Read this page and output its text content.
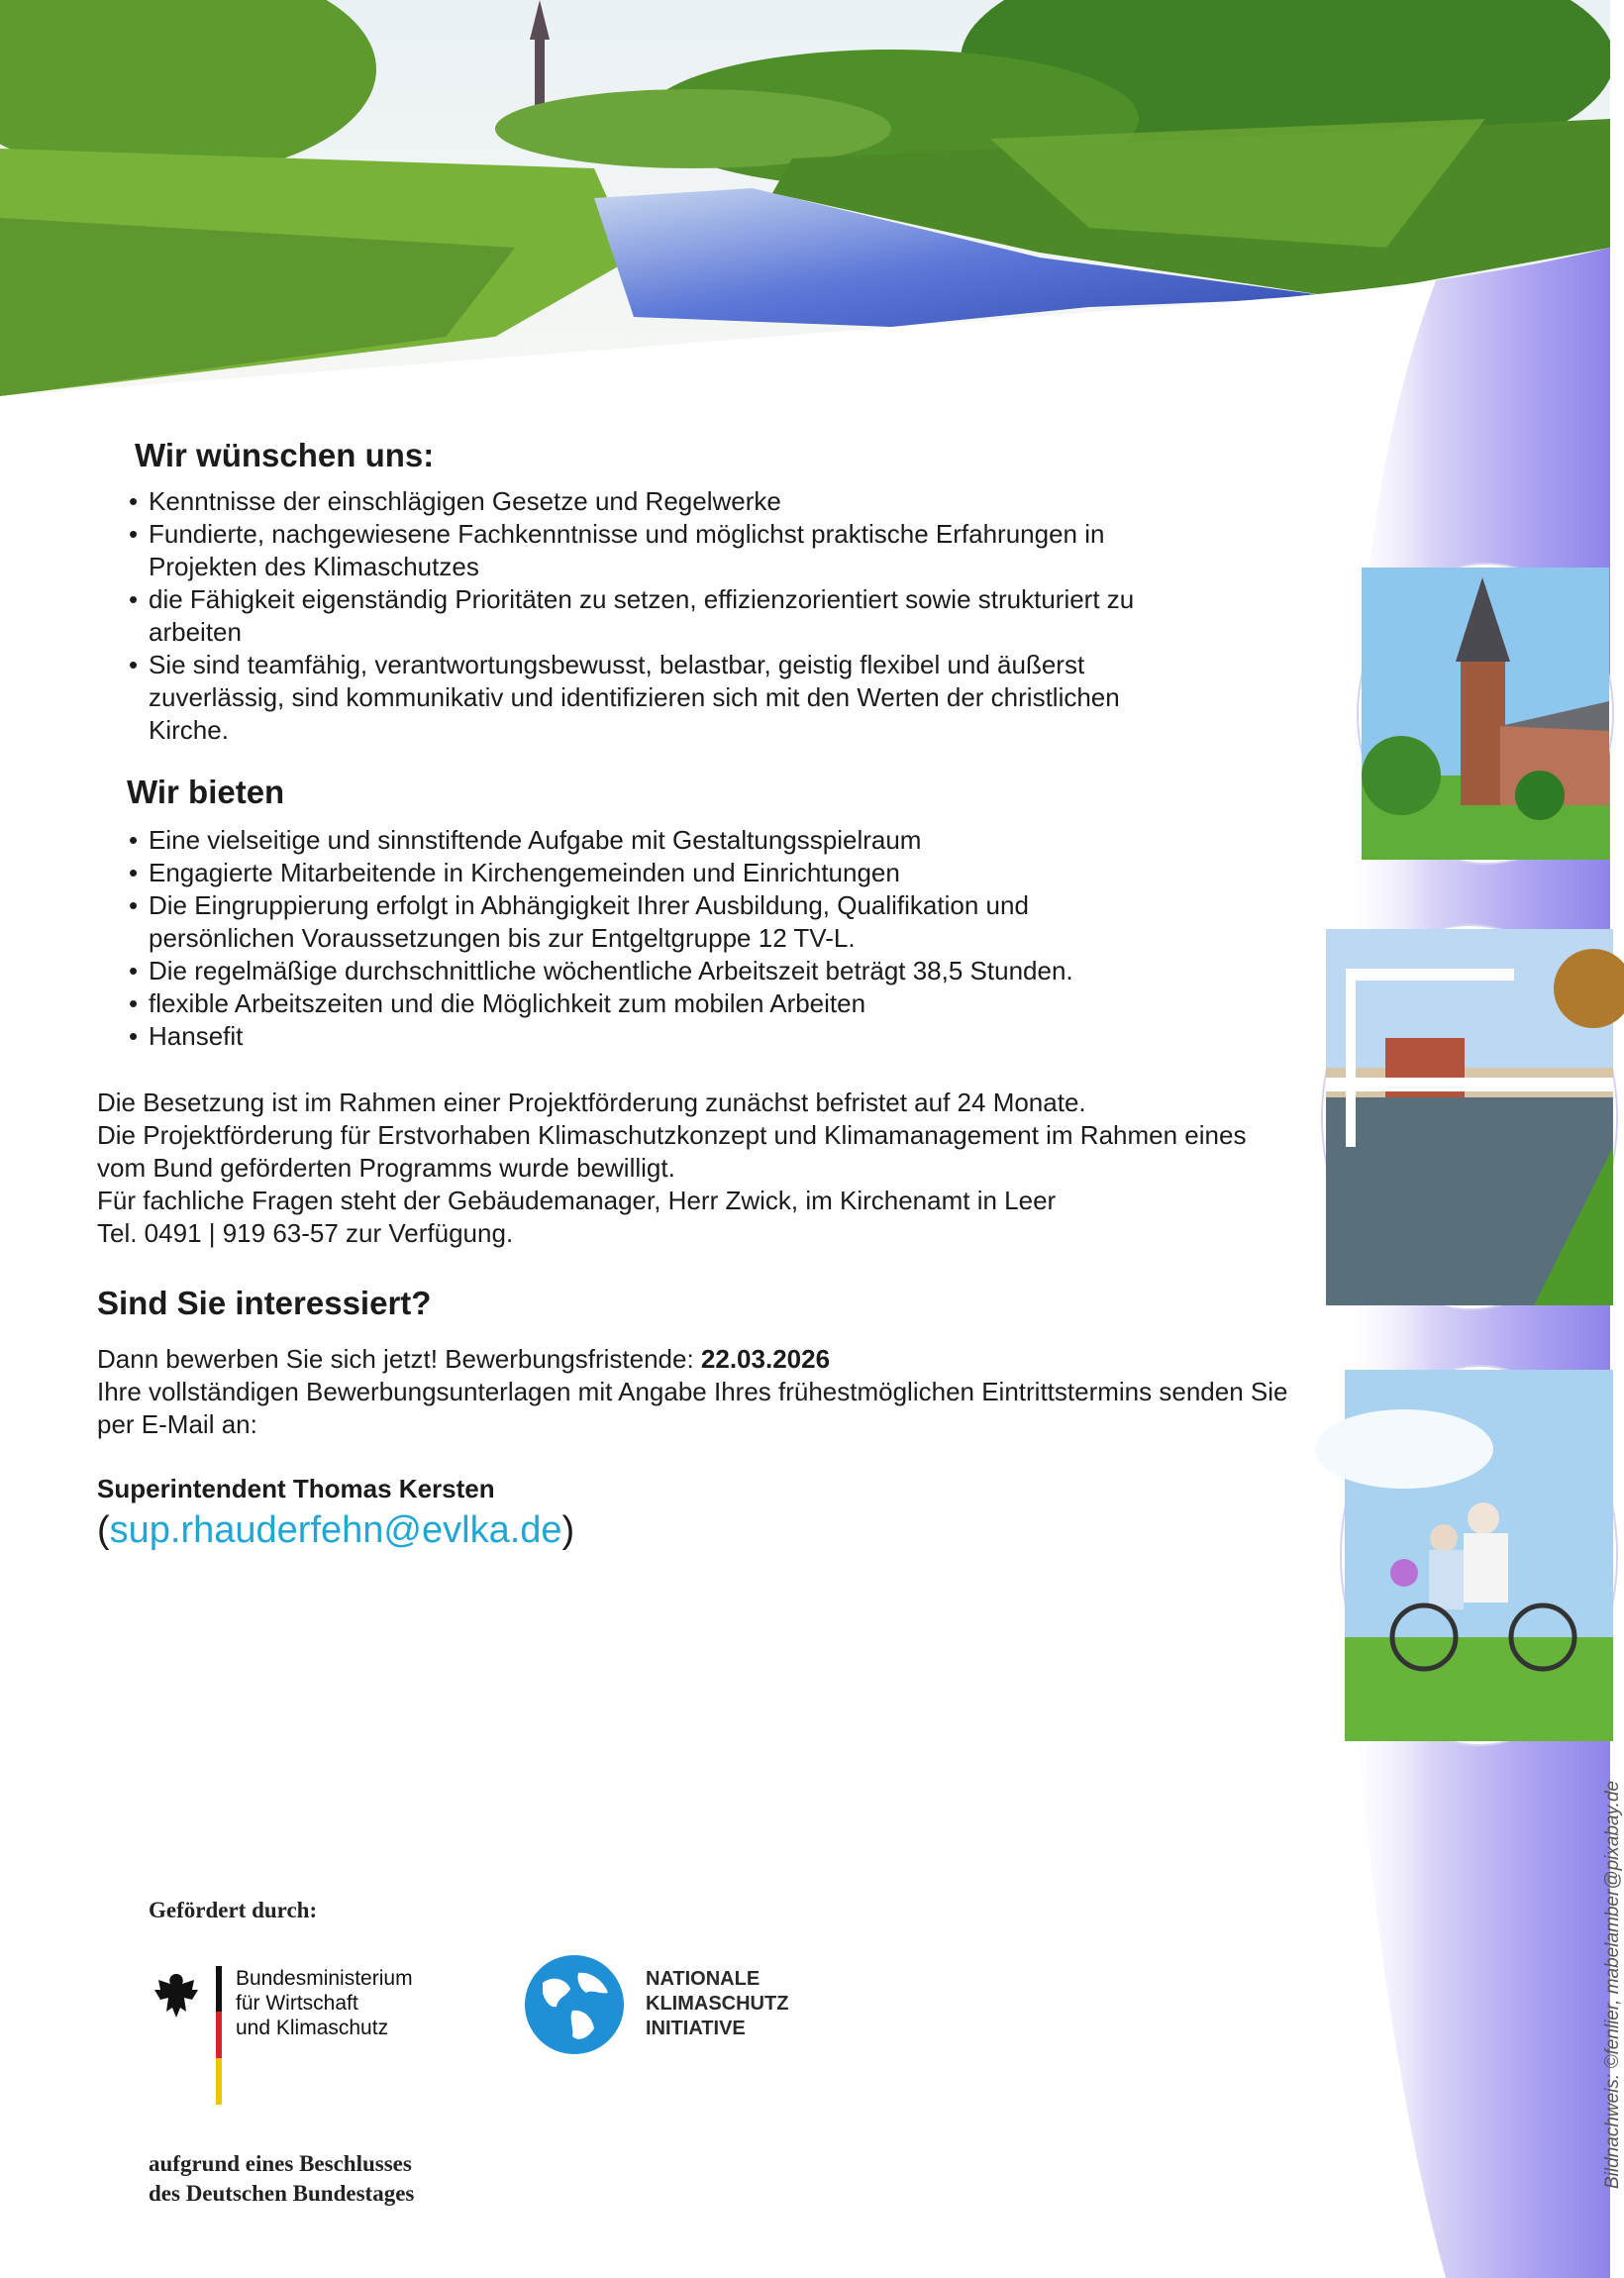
Wir wünschen uns:
• Kenntnisse der einschlägigen Gesetze und Regelwerke
• Fundierte, nachgewiesene Fachkenntnisse und möglichst praktische Erfahrungen in Projekten des Klimaschutzes
• die Fähigkeit eigenständig Prioritäten zu setzen, effizienzorientiert sowie strukturiert zu arbeiten
• Sie sind teamfähig, verantwortungsbewusst, belastbar, geistig flexibel und äußerst zuverlässig, sind kommunikativ und identifizieren sich mit den Werten der christlichen Kirche.
Wir bieten
• Eine vielseitige und sinnstiftende Aufgabe mit Gestaltungsspielraum
• Engagierte Mitarbeitende in Kirchengemeinden und Einrichtungen
• Die Eingruppierung erfolgt in Abhängigkeit Ihrer Ausbildung, Qualifikation und persönlichen Voraussetzungen bis zur Entgeltgruppe 12 TV-L.
• Die regelmäßige durchschnittliche wöchentliche Arbeitszeit beträgt 38,5 Stunden.
• flexible Arbeitszeiten und die Möglichkeit zum mobilen Arbeiten
• Hansefit

Die Besetzung ist im Rahmen einer Projektförderung zunächst befristet auf 24 Monate.

Die Projektförderung für Erstvorhaben Klimaschutzkonzept und Klimamanagement im Rahmen eines vom Bund geförderten Programms wurde bewilligt.

Für fachliche Fragen steht der Gebäudemanager, Herr Zwick, im Kirchenamt in Leer

Tel. 0491 | 919 63-57 zur Verfügung.

Sind Sie interessiert?

Dann bewerben Sie sich jetzt! Bewerbungsfristende: 22.03.2026

Ihre vollständigen Bewerbungsunterlagen mit Angabe Ihres frühestmöglichen Eintrittstermins senden Sie per E-Mail an:

Superintendent Thomas Kersten

(sup.rhauderfehn@evlka.de)

Gefördert durch:
Bundesministerium
für Wirtschaft
und Klimaschutz
NATIONALE
KLIMASCHUTZ
INITIATIVE
aufgrund eines Beschlusses
des Deutschen Bundestages
Bildnachweis: ©fenlier, mabelamber@pixabay.de
